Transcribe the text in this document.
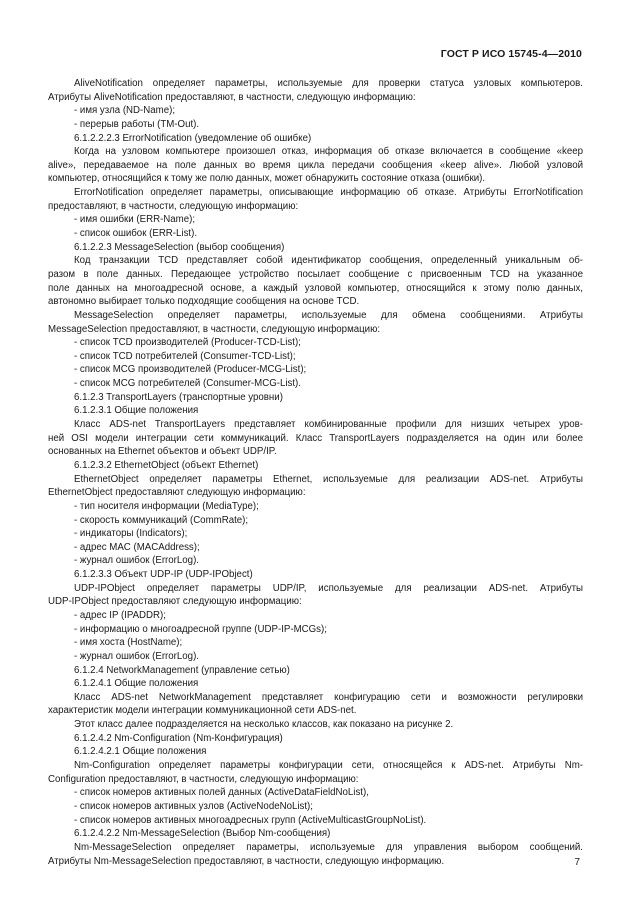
ГОСТ Р ИСО 15745-4—2010
AliveNotification определяет параметры, используемые для проверки статуса узловых компьютеров.
Атрибуты AliveNotification предоставляют, в частности, следующую информацию:
- имя узла (ND-Name);
- перерыв работы (TM-Out).
6.1.2.2.2.3 ErrorNotification (уведомление об ошибке)
Когда на узловом компьютере произошел отказ, информация об отказе включается в сообщение «keep
alive», передаваемое на поле данных во время цикла передачи сообщения «keep alive». Любой узловой
компьютер, относящийся к тому же полю данных, может обнаружить состояние отказа (ошибки).
ErrorNotification определяет параметры, описывающие информацию об отказе. Атрибуты ErrorNotification
предоставляют, в частности, следующую информацию:
- имя ошибки (ERR-Name);
- список ошибок (ERR-List).
6.1.2.2.3 MessageSelection (выбор сообщения)
Код транзакции TCD представляет собой идентификатор сообщения, определенный уникальным об-
разом в поле данных. Передающее устройство посылает сообщение с присвоенным TCD на указанное
поле данных на многоадресной основе, а каждый узловой компьютер, относящийся к этому полю данных,
автономно выбирает только подходящие сообщения на основе TCD.
MessageSelection определяет параметры, используемые для обмена сообщениями. Атрибуты
MessageSelection предоставляют, в частности, следующую информацию:
- список TCD производителей (Producer-TCD-List);
- список TCD потребителей (Consumer-TCD-List);
- список MCG производителей (Producer-MCG-List);
- список MCG потребителей (Consumer-MCG-List).
6.1.2.3 TransportLayers (транспортные уровни)
6.1.2.3.1 Общие положения
Класс ADS-net TransportLayers представляет комбинированные профили для низших четырех уров-
ней OSI модели интеграции сети коммуникаций. Класс TransportLayers подразделяется на один или более
основанных на Ethernet объектов и объект UDP/IP.
6.1.2.3.2 EthernetObject (объект Ethernet)
EthernetObject определяет параметры Ethernet, используемые для реализации ADS-net. Атрибуты
EthernetObject предоставляют следующую информацию:
- тип носителя информации (MediaType);
- скорость коммуникаций (CommRate);
- индикаторы (Indicators);
- адрес MAC (MACAddress);
- журнал ошибок (ErrorLog).
6.1.2.3.3 Объект UDP-IP (UDP-IPObject)
UDP-IPObject определяет параметры UDP/IP, используемые для реализации ADS-net. Атрибуты
UDP-IPObject предоставляют следующую информацию:
- адрес IP (IPADDR);
- информацию о многоадресной группе (UDP-IP-MCGs);
- имя хоста (HostName);
- журнал ошибок (ErrorLog).
6.1.2.4 NetworkManagement (управление сетью)
6.1.2.4.1 Общие положения
Класс ADS-net NetworkManagement представляет конфигурацию сети и возможности регулировки
характеристик модели интеграции коммуникационной сети ADS-net.
Этот класс далее подразделяется на несколько классов, как показано на рисунке 2.
6.1.2.4.2 Nm-Configuration (Nm-Конфигурация)
6.1.2.4.2.1 Общие положения
Nm-Configuration определяет параметры конфигурации сети, относящейся к ADS-net. Атрибуты Nm-
Configuration предоставляют, в частности, следующую информацию:
- список номеров активных полей данных (ActiveDataFieldNoList),
- список номеров активных узлов (ActiveNodeNoList);
- список номеров активных многоадресных групп (ActiveMulticastGroupNoList).
6.1.2.4.2.2 Nm-MessageSelection (Выбор Nm-сообщения)
Nm-MessageSelection определяет параметры, используемые для управления выбором сообщений.
Атрибуты Nm-MessageSelection предоставляют, в частности, следующую информацию.	7
